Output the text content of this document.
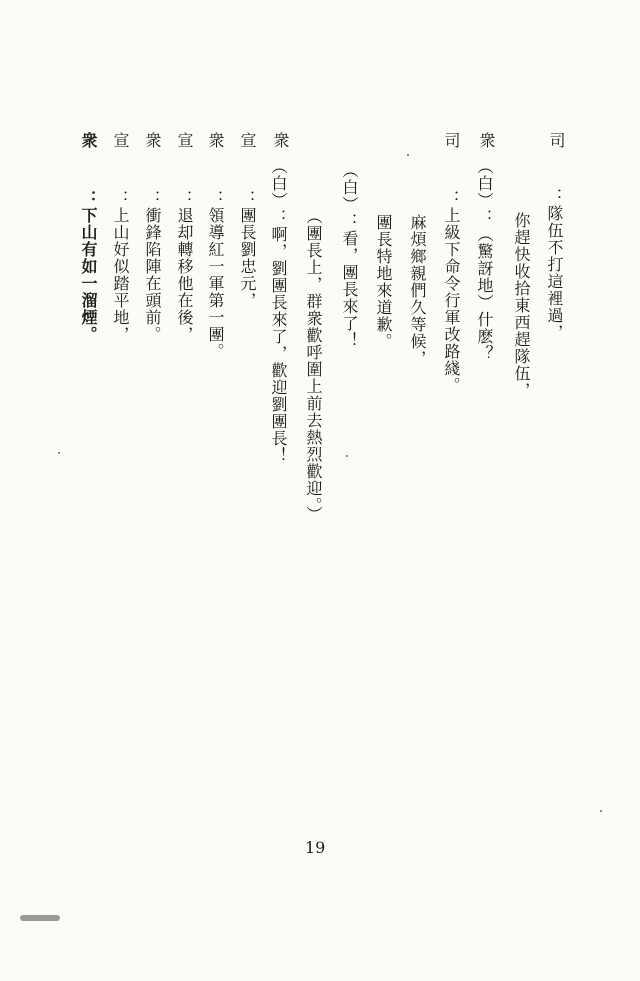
司
：隊伍不打這裡過，
你趕快收拾東西趕隊伍，
衆
（白）：（驚訝地）什麽？
司
：上級下命令行軍改路綫。
麻煩鄉親們久等候，
團長特地來道歉。
（白）：看，團長來了！
（團長上，群衆歡呼圍上前去熱烈歡迎。）
衆
（白）：啊，劉團長來了，歡迎劉團長！
宣
：團長劉忠元，
衆
：領導紅一軍第一團。
宣
：退却轉移他在後，
衆
：衝鋒陷陣在頭前。
宣
：上山好似踏平地，
衆
：下山有如一溜煙。
19
